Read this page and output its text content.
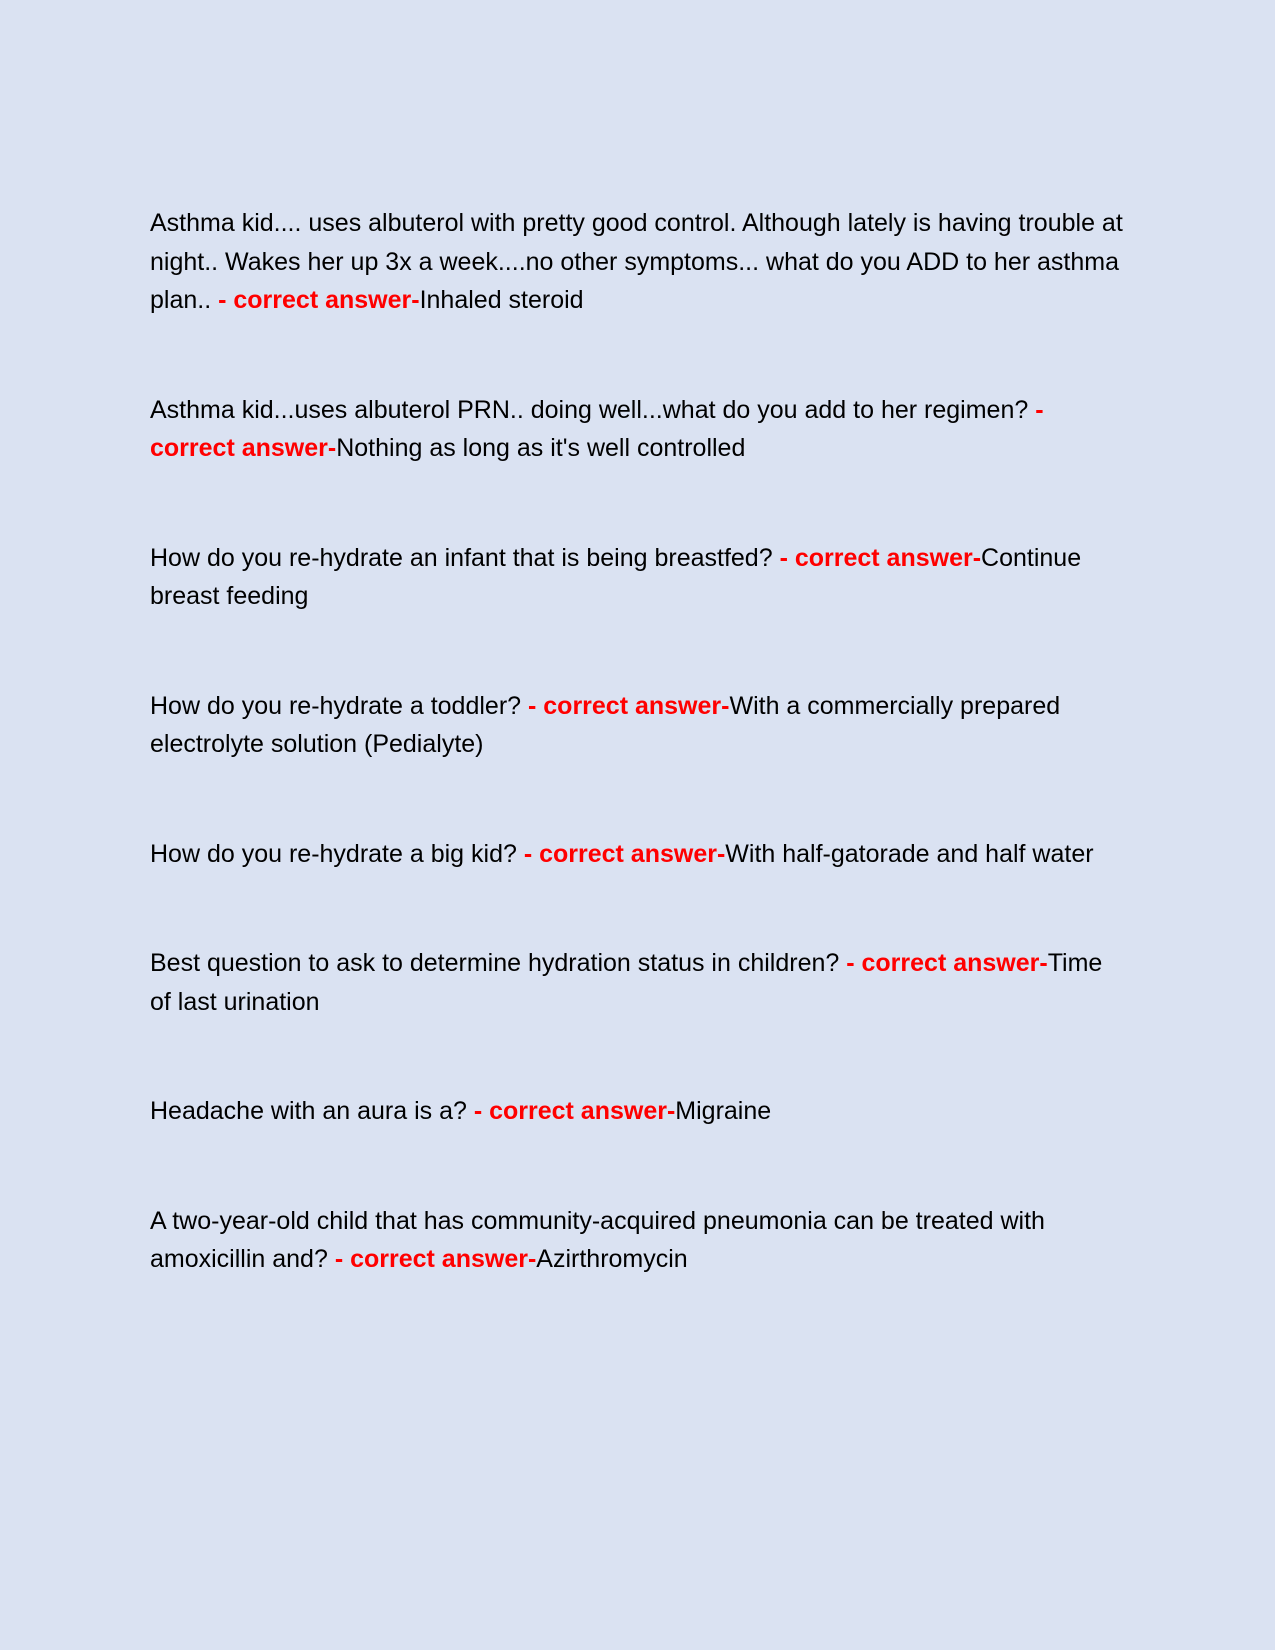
Asthma kid.... uses albuterol with pretty good control. Although lately is having trouble at night.. Wakes her up 3x a week....no other symptoms... what do you ADD to her asthma plan.. - correct answer-Inhaled steroid

Asthma kid...uses albuterol PRN.. doing well...what do you add to her regimen? - correct answer-Nothing as long as it's well controlled

How do you re-hydrate an infant that is being breastfed? - correct answer-Continue breast feeding

How do you re-hydrate a toddler? - correct answer-With a commercially prepared electrolyte solution (Pedialyte)

How do you re-hydrate a big kid? - correct answer-With half-gatorade and half water

Best question to ask to determine hydration status in children? - correct answer-Time of last urination

Headache with an aura is a? - correct answer-Migraine

A two-year-old child that has community-acquired pneumonia can be treated with amoxicillin and? - correct answer-Azirthromycin
